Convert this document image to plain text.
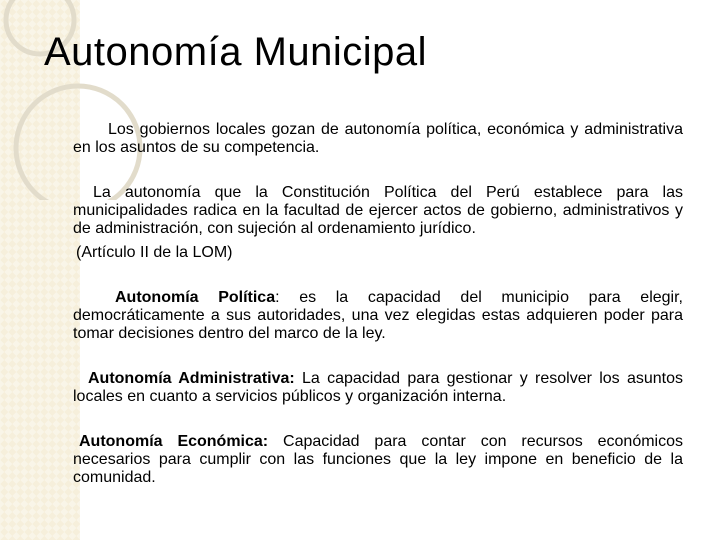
Autonomía Municipal

Los gobiernos locales gozan de autonomía política, económica y administrativa en los asuntos de su competencia.

La autonomía que la Constitución Política del Perú establece para las municipalidades radica en la facultad de ejercer actos de gobierno, administrativos y de administración, con sujeción al ordenamiento jurídico.

(Artículo II de la LOM)

Autonomía Política: es la capacidad del municipio para elegir, democráticamente a sus autoridades, una vez elegidas estas adquieren poder para tomar decisiones dentro del marco de la ley.

Autonomía Administrativa: La capacidad para gestionar y resolver los asuntos locales en cuanto a servicios públicos y organización interna.

Autonomía Económica: Capacidad para contar con recursos económicos necesarios para cumplir con las funciones que la ley impone en beneficio de la comunidad.
